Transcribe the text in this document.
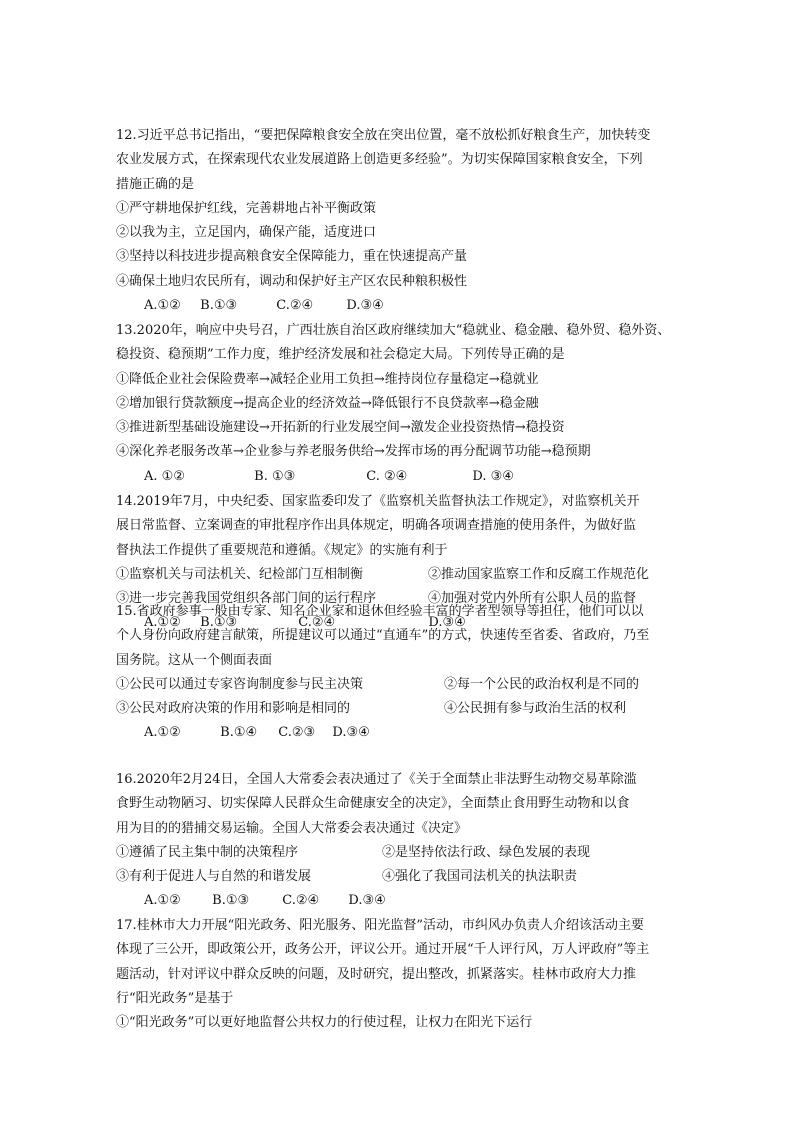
12.习近平总书记指出，“要把保障粮食安全放在突出位置，毫不放松抓好粮食生产，加快转变
农业发展方式，在探索现代农业发展道路上创造更多经验”。为切实保障国家粮食安全，下列
措施正确的是
①严守耕地保护红线，完善耕地占补平衡政策
②以我为主，立足国内，确保产能，适度进口
③坚持以科技进步提高粮食安全保障能力，重在快速提高产量
④确保土地归农民所有，调动和保护好主产区农民种粮积极性
A.①② B.①③	C.②④	D.③④
13.2020年，响应中央号召，广西壮族自治区政府继续加大“稳就业、稳金融、稳外贸、稳外资、
稳投资、稳预期”工作力度，维护经济发展和社会稳定大局。下列传导正确的是
①降低企业社会保险费率→减轻企业用工负担→维持岗位存量稳定→稳就业
②增加银行贷款额度→提高企业的经济效益→降低银行不良贷款率→稳金融
③推进新型基础设施建设→开拓新的行业发展空间→激发企业投资热情→稳投资
④深化养老服务改革→企业参与养老服务供给→发挥市场的再分配调节功能→稳预期
A. ①②	B. ①③	C. ②④	D. ③④
14.2019年7月，中央纪委、国家监委印发了《监察机关监督执法工作规定》，对监察机关开
展日常监督、立案调查的审批程序作出具体规定，明确各项调查措施的使用条件，为做好监
督执法工作提供了重要规范和遵循。《规定》的实施有利于
①监察机关与司法机关、纪检部门互相制衡	②推动国家监察工作和反腐工作规范化
③进一步完善我国党组织各部门间的运行程序	④加强对党内外所有公职人员的监督
A.①② B.①③	C.②④	D.③④
15.省政府参事一般由专家、知名企业家和退休但经验丰富的学者型领导等担任，他们可以以
个人身份向政府建言献策，所提建议可以通过“直通车”的方式，快速传至省委、省政府，乃至
国务院。这从一个侧面表面
①公民可以通过专家咨询制度参与民主决策	②每一个公民的政治权利是不同的
③公民对政府决策的作用和影响是相同的	④公民拥有参与政治生活的权利
A.①②	B.①④ C.②③ D.③④
16.2020年2月24日，全国人大常委会表决通过了《关于全面禁止非法野生动物交易革除滥
食野生动物陋习、切实保障人民群众生命健康安全的决定》，全面禁止食用野生动物和以食
用为目的的猎捕交易运输。全国人大常委会表决通过《决定》
①遵循了民主集中制的决策程序	②是坚持依法行政、绿色发展的表现
③有利于促进人与自然的和谐发展	④强化了我国司法机关的执法职责
A.①② B.①③	C.②④ D.③④
17.桂林市大力开展“阳光政务、阳光服务、阳光监督”活动，市纠风办负责人介绍该活动主要
体现了三公开，即政策公开，政务公开，评议公开。通过开展“千人评行风，万人评政府”等主
题活动，针对评议中群众反映的问题，及时研究，提出整改，抓紧落实。桂林市政府大力推
行“阳光政务”是基于
①“阳光政务”可以更好地监督公共权力的行使过程，让权力在阳光下运行
